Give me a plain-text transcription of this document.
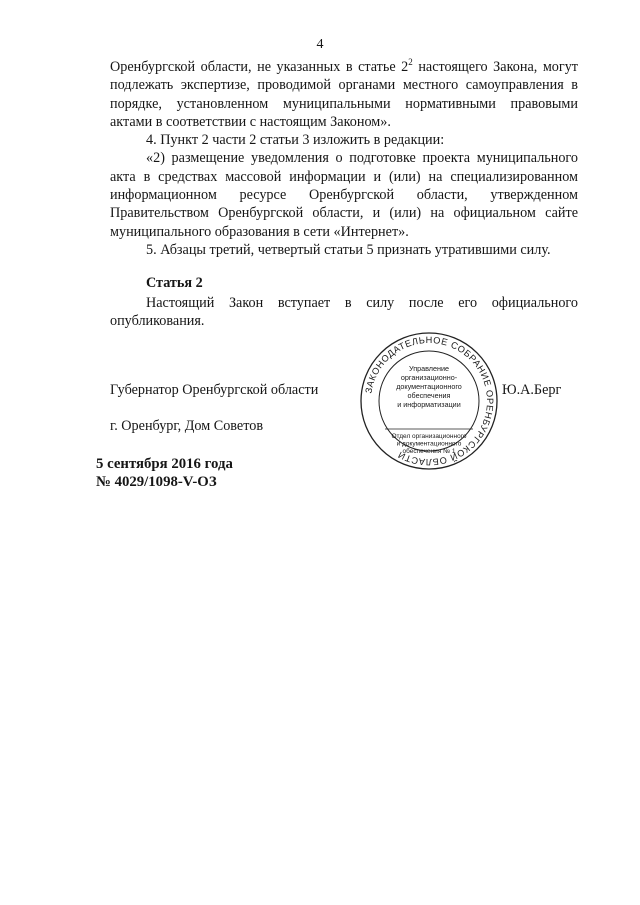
4

Оренбургской области, не указанных в статье $2^2$ настоящего Закона, могут подлежать экспертизе, проводимой органами местного самоуправления в порядке, установленном муниципальными нормативными правовыми актами в соответствии с настоящим Законом».

4. Пункт 2 части 2 статьи 3 изложить в редакции:

«2) размещение уведомления о подготовке проекта муниципального акта в средствах массовой информации и (или) на специализированном информационном ресурсе Оренбургской области, утвержденном Правительством Оренбургской области, и (или) на официальном сайте муниципального образования в сети «Интернет».

5. Абзацы третий, четвертый статьи 5 признать утратившими силу.

Статья 2

Настоящий Закон вступает в силу после его официального опубликования.

Губернатор Оренбургской области	Ю.А.Берг
г. Оренбург, Дом Советов
5 сентября 2016 года
№ 4029/1098-V-ОЗ
ЗАКОНОДАТЕЛЬНОЕ СОБРАНИЕ ОРЕНБУРГСКОЙ ОБЛАСТИ
Управление
организационно-
документационного
обеспечения
и информатизации
Отдел организационного
и документационного
обеспечения № 1
